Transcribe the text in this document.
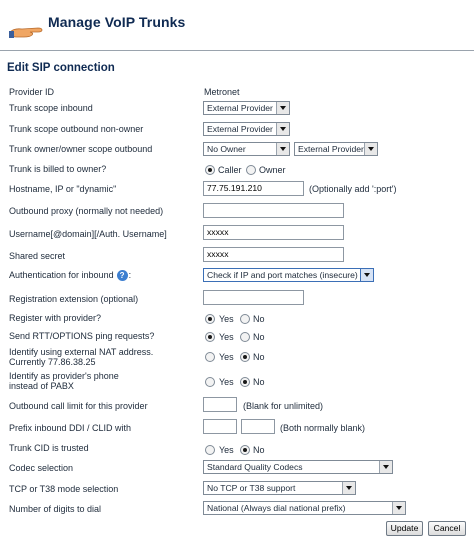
Manage VoIP Trunks
Edit SIP connection
Provider ID	Metronet
Trunk scope inbound	External Provider
Trunk scope outbound non-owner	External Provider
Trunk owner/owner scope outbound	No Owner	External Provider
Trunk is billed to owner?	Caller Owner
Hostname, IP or "dynamic"	77.75.191.210	(Optionally add ':port')
Outbound proxy (normally not needed)
Username[@domain][/Auth. Username]	xxxxx
Shared secret	xxxxx
Authentication for inbound ? :	Check if IP and port matches (insecure)
Registration extension (optional)
Register with provider?	Yes No
Send RTT/OPTIONS ping requests?	Yes No
Identify using external NAT address.
Currently 77.86.38.25	Yes No
Identify as provider's phone
instead of PABX	Yes No
Outbound call limit for this provider	(Blank for unlimited)
Prefix inbound DDI / CLID with	(Both normally blank)
Trunk CID is trusted	Yes No
Codec selection	Standard Quality Codecs
TCP or T38 mode selection	No TCP or T38 support
Number of digits to dial	National (Always dial national prefix)
Update	Cancel
